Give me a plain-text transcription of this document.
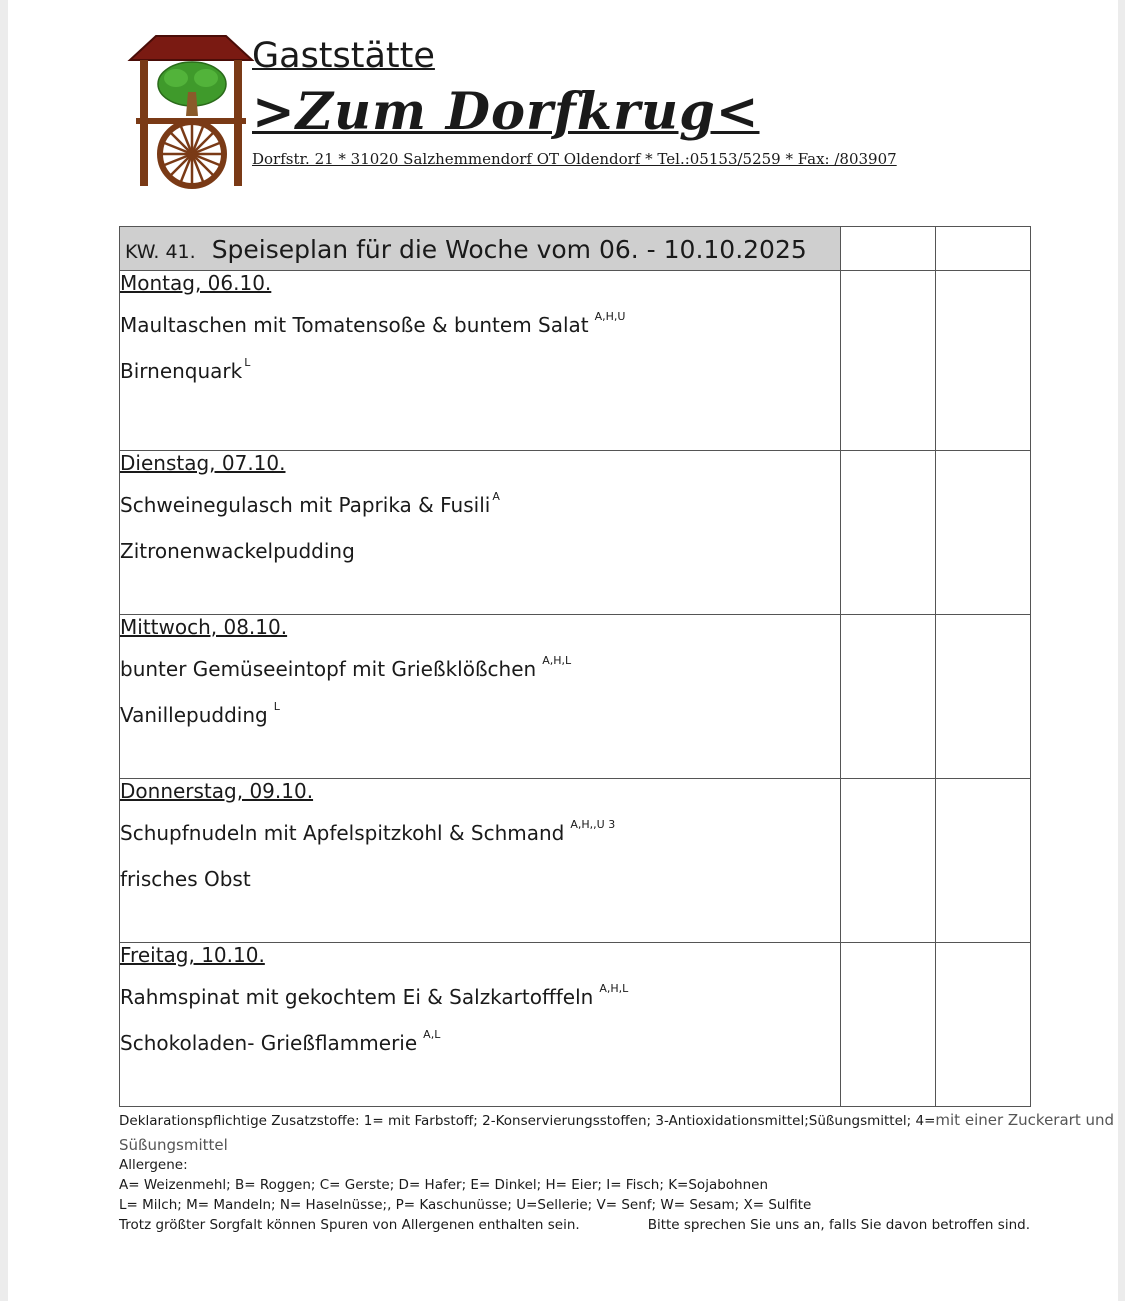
Gaststätte
>Zum Dorfkrug<
Dorfstr. 21 * 31020 Salzhemmendorf OT Oldendorf * Tel.:05153/5259 * Fax: /803907
KW. 41. Speiseplan für die Woche vom 06. - 10.10.2025		

Montag, 06.10.
Maultaschen mit Tomatensoße & buntem Salat $^{A,H,U}$
Birnenquark $^L$

Dienstag, 07.10.
Schweinegulasch mit Paprika & Fusili $^A$
Zitronenwackelpudding		

Mittwoch, 08.10.
bunter Gemüseeintopf mit Grießklößchen $^{A,H,L}$
Vanillepudding $^L$

Donnerstag, 09.10.
Schupfnudeln mit Apfelspitzkohl & Schmand $^{A,H,,U 3}$
frisches Obst		

Freitag, 10.10.
Rahmspinat mit gekochtem Ei & Salzkartofffeln $^{A,H,L}$
Schokoladen- Grießflammerie $^{A,L}$

Deklarationspflichtige Zusatzstoffe: 1= mit Farbstoff; 2-Konservierungsstoffen; 3-Antioxidationsmittel;Süßungsmittel; 4=mit einer Zuckerart und
Süßungsmittel
Allergene:
A= Weizenmehl; B= Roggen; C= Gerste; D= Hafer; E= Dinkel; H= Eier; I= Fisch; K=Sojabohnen
L= Milch; M= Mandeln; N= Haselnüsse;, P= Kaschunüsse; U=Sellerie; V= Senf; W= Sesam; X= Sulfite
Trotz größter Sorgfalt können Spuren von Allergenen enthalten sein.	Bitte sprechen Sie uns an, falls Sie davon betroffen sind.
